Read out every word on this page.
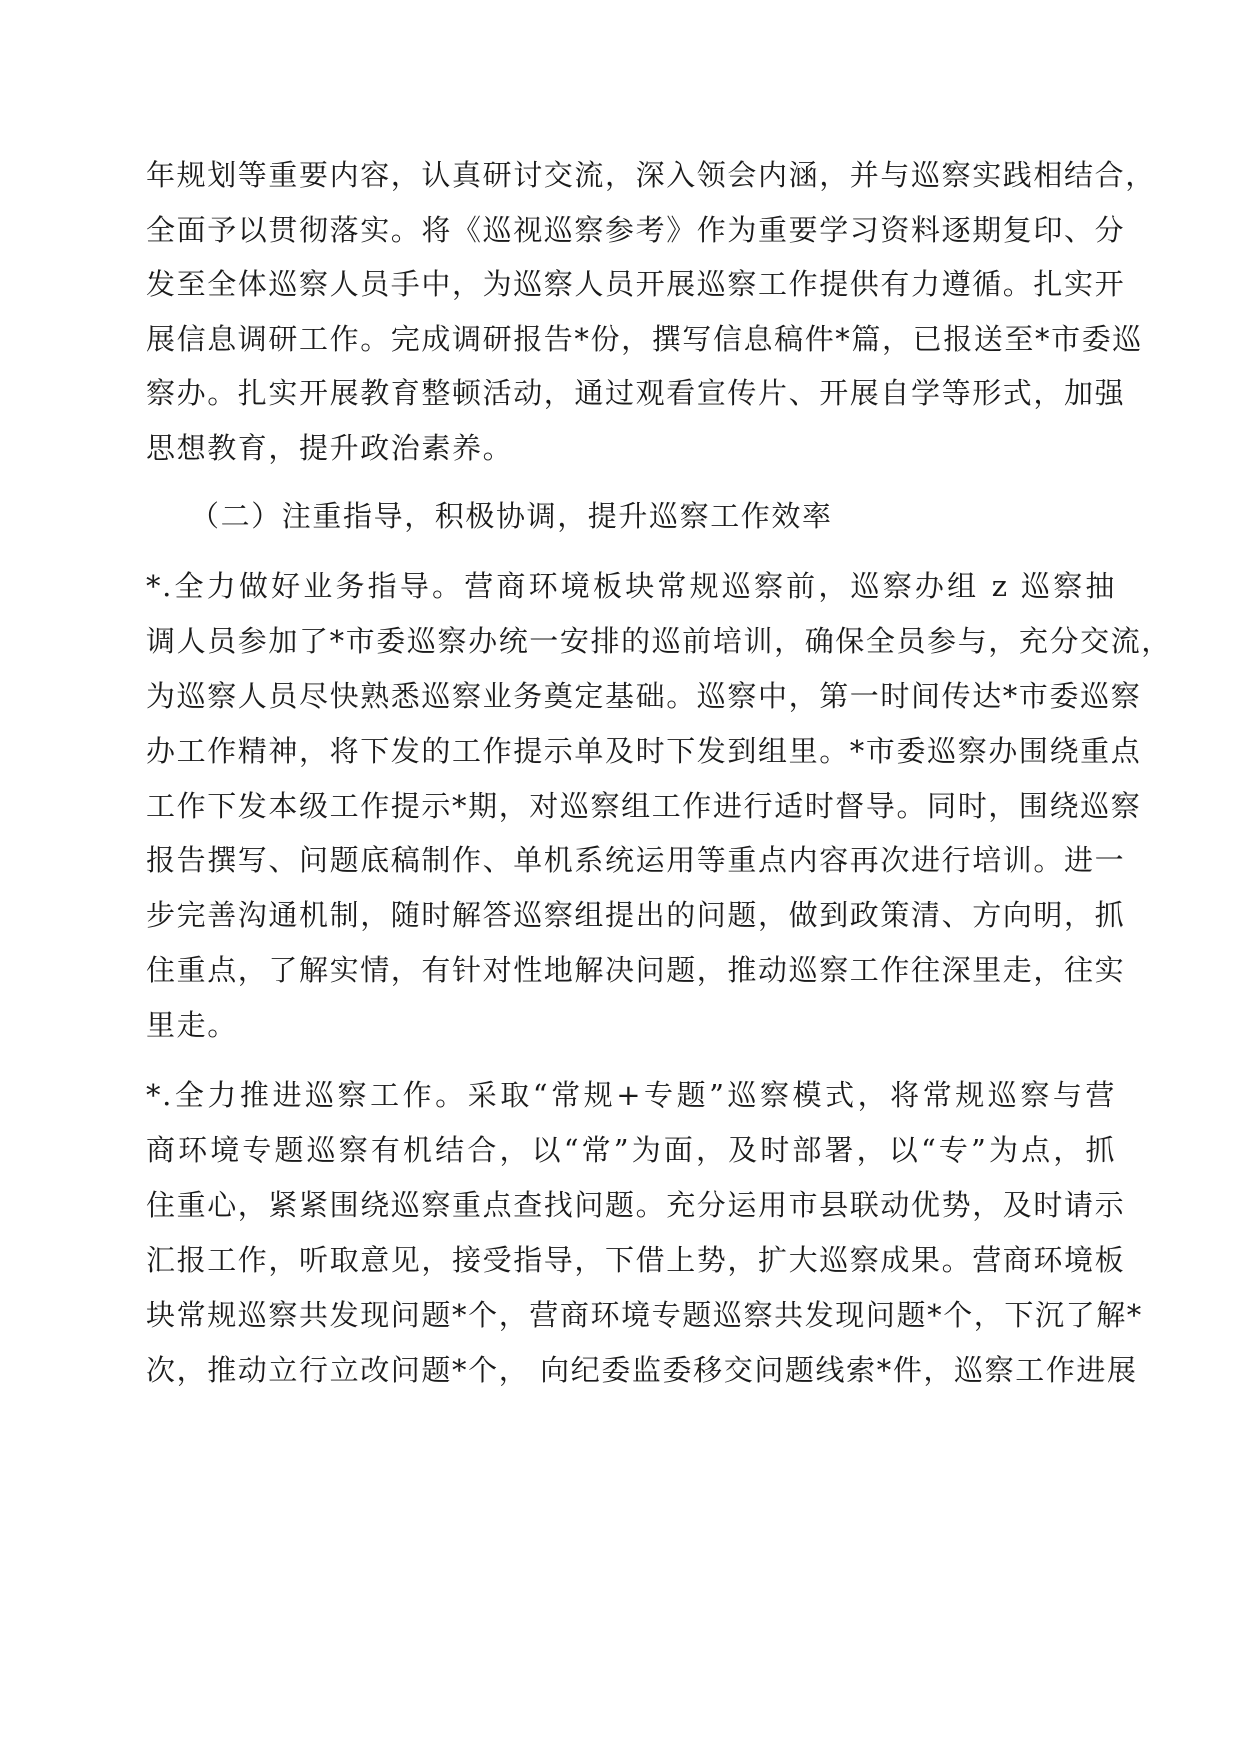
年规划等重要内容，认真研讨交流，深入领会内涵，并与巡察实践相结合，
全面予以贯彻落实。将《巡视巡察参考》作为重要学习资料逐期复印、分
发至全体巡察人员手中，为巡察人员开展巡察工作提供有力遵循。扎实开
展信息调研工作。完成调研报告*份，撰写信息稿件*篇，已报送至*市委巡
察办。扎实开展教育整顿活动，通过观看宣传片、开展自学等形式，加强
思想教育，提升政治素养。
（二）注重指导，积极协调，提升巡察工作效率
*.全力做好业务指导。营商环境板块常规巡察前，巡察办组 z 巡察抽
调人员参加了*市委巡察办统一安排的巡前培训，确保全员参与，充分交流，
为巡察人员尽快熟悉巡察业务奠定基础。巡察中，第一时间传达*市委巡察
办工作精神，将下发的工作提示单及时下发到组里。*市委巡察办围绕重点
工作下发本级工作提示*期，对巡察组工作进行适时督导。同时，围绕巡察
报告撰写、问题底稿制作、单机系统运用等重点内容再次进行培训。进一
步完善沟通机制，随时解答巡察组提出的问题，做到政策清、方向明，抓
住重点，了解实情，有针对性地解决问题，推动巡察工作往深里走，往实
里走。
*.全力推进巡察工作。采取“常规+专题”巡察模式，将常规巡察与营
商环境专题巡察有机结合，以“常”为面，及时部署，以“专”为点，抓
住重心，紧紧围绕巡察重点查找问题。充分运用市县联动优势，及时请示
汇报工作，听取意见，接受指导，下借上势，扩大巡察成果。营商环境板
块常规巡察共发现问题*个，营商环境专题巡察共发现问题*个，下沉了解*
次，推动立行立改问题*个， 向纪委监委移交问题线索*件，巡察工作进展
